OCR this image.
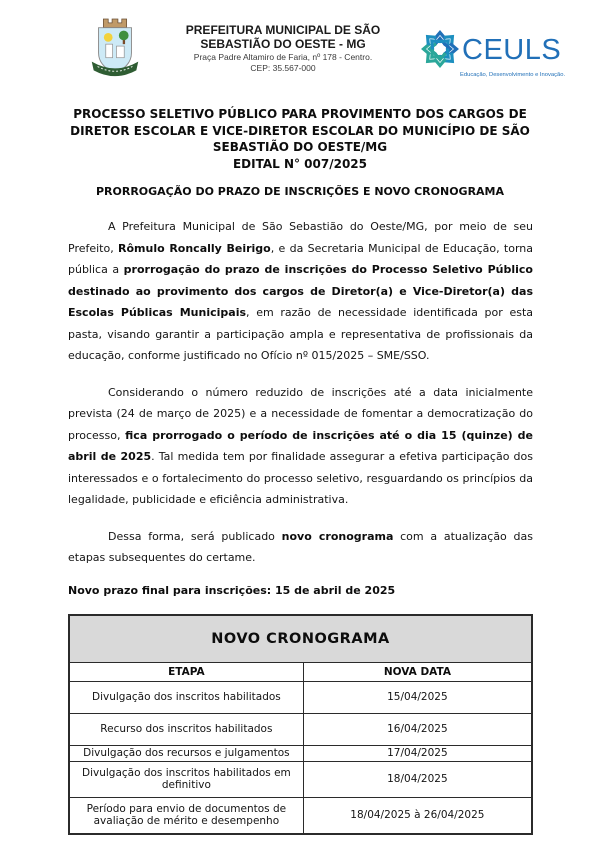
PREFEITURA MUNICIPAL DE SÃO
SEBASTIÃO DO OESTE - MG
Praça Padre Altamiro de Faria, nº 178 - Centro.
CEP: 35.567-000
CEULS
Educação, Desenvolvimento e Inovação.
PROCESSO SELETIVO PÚBLICO PARA PROVIMENTO DOS CARGOS DE DIRETOR ESCOLAR E VICE-DIRETOR ESCOLAR DO MUNICÍPIO DE SÃO SEBASTIÃO DO OESTE/MG
EDITAL N° 007/2025
PRORROGAÇÃO DO PRAZO DE INSCRIÇÕES E NOVO CRONOGRAMA

A Prefeitura Municipal de São Sebastião do Oeste/MG, por meio de seu Prefeito, Rômulo Roncally Beirigo, e da Secretaria Municipal de Educação, torna pública a prorrogação do prazo de inscrições do Processo Seletivo Público destinado ao provimento dos cargos de Diretor(a) e Vice-Diretor(a) das Escolas Públicas Municipais, em razão de necessidade identificada por esta pasta, visando garantir a participação ampla e representativa de profissionais da educação, conforme justificado no Ofício nº 015/2025 – SME/SSO.

Considerando o número reduzido de inscrições até a data inicialmente prevista (24 de março de 2025) e a necessidade de fomentar a democratização do processo, fica prorrogado o período de inscrições até o dia 15 (quinze) de abril de 2025. Tal medida tem por finalidade assegurar a efetiva participação dos interessados e o fortalecimento do processo seletivo, resguardando os princípios da legalidade, publicidade e eficiência administrativa.

Dessa forma, será publicado novo cronograma com a atualização das etapas subsequentes do certame.

Novo prazo final para inscrições: 15 de abril de 2025
NOVO CRONOGRAMA	
ETAPA	NOVA DATA
Divulgação dos inscritos habilitados	15/04/2025
Recurso dos inscritos habilitados	16/04/2025
Divulgação dos recursos e julgamentos	17/04/2025
Divulgação dos inscritos habilitados em definitivo	18/04/2025
Período para envio de documentos de avaliação de mérito e desempenho	18/04/2025 à 26/04/2025
